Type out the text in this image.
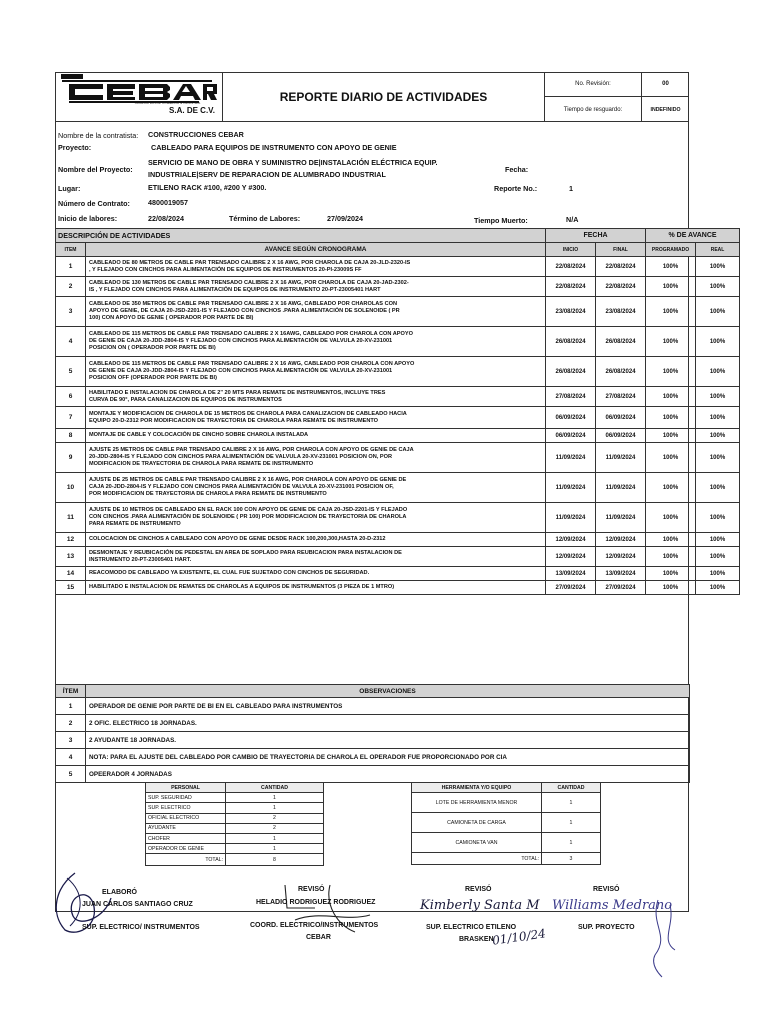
SUMINISTROS AL COMERCIO & INDUSTRIA
S.A. DE C.V.
REPORTE DIARIO DE ACTIVIDADES
No. Revisión:	00
Tiempo de resguardo:	INDEFINIDO
Nombre de la contratista: CONSTRUCCIONES CEBAR
Proyecto:	CABLEADO PARA EQUIPOS DE INSTRUMENTO CON APOYO DE GENIE
Nombre del Proyecto:
SERVICIO DE MANO DE OBRA Y SUMINISTRO DE|INSTALACIÓN ELÉCTRICA EQUIP.
INDUSTRIALE|SERV DE REPARACION DE ALUMBRADO INDUSTRIAL
Fecha:
Lugar:	ETILENO RACK #100, #200 Y #300.	Reporte No.:	1
Número de Contrato:	4800019057
Inicio de labores:	22/08/2024	Término de Labores:	27/09/2024	Tiempo Muerto:	N/A
DESCRIPCIÓN DE ACTIVIDADES		FECHA		% DE AVANCE	
ITEM	AVANCE SEGÚN CRONOGRAMA	INICIO	FINAL	PROGRAMADO	REAL
1	CABLEADO DE 80 METROS DE CABLE PAR TRENSADO CALIBRE 2 X 16 AWG, POR CHAROLA DE CAJA 20-JLD-2320-IS
, Y FLEJADO CON CINCHOS PARA ALIMENTACIÓN DE EQUIPOS DE INSTRUMENTOS 20-PI-23009S FF	22/08/2024	22/08/2024	100%	100%
2	CABLEADO DE 130 METROS DE CABLE PAR TRENSADO CALIBRE 2 X 16 AWG, POR CHAROLA DE CAJA 20-JAD-2302-
IS , Y FLEJADO CON CINCHOS PARA ALIMENTACIÓN DE EQUIPOS DE INSTRUMENTO 20-PT-23005401 HART	22/08/2024	22/08/2024	100%	100%
3	CABLEADO DE 350 METROS DE CABLE PAR TRENSADO CALIBRE 2 X 16 AWG, CABLEADO POR CHAROLAS CON
APOYO DE GENIE, DE CAJA 20-JSD-2201-IS Y FLEJADO CON CINCHOS .PARA ALIMENTACIÓN DE SOLENOIDE ( PR
100) CON APOYO DE GENIE ( OPERADOR POR PARTE DE BI)	23/08/2024	23/08/2024	100%	100%
4	CABLEADO DE 115 METROS DE CABLE PAR TRENSADO CALIBRE 2 X 16AWG, CABLEADO POR CHAROLA CON APOYO
DE GENIE DE CAJA 20-JDD-2804-IS Y FLEJADO CON CINCHOS PARA ALIMENTACIÓN DE VALVULA 20-XV-231001
POSICION ON ( OPERADOR POR PARTE DE BI)	26/08/2024	26/08/2024	100%	100%
5	CABLEADO DE 115 METROS DE CABLE PAR TRENSADO CALIBRE 2 X 16 AWG, CABLEADO POR CHAROLA CON APOYO
DE GENIE DE CAJA 20-JDD-2804-IS Y FLEJADO CON CINCHOS PARA ALIMENTACIÓN DE VALVULA 20-XV-231001
POSICION OFF (OPERADOR POR PARTE DE BI)	26/08/2024	26/08/2024	100%	100%
6	HABILITADO E INSTALACION DE CHAROLA DE 2" 20 MTS PARA REMATE DE INSTRUMENTOS, INCLUYE TRES
CURVA DE 90°, PARA CANALIZACION DE EQUIPOS DE INSTRUMENTOS	27/08/2024	27/08/2024	100%	100%
7	MONTAJE Y MODIFICACION DE CHAROLA DE 15 METROS DE CHAROLA PARA CANALIZACION DE CABLEADO HACIA
EQUIPO 20-D-2312 POR MODIFICACION DE TRAYECTORIA DE CHAROLA PARA REMATE DE INSTRUMENTO	06/09/2024	06/09/2024	100%	100%
8	MONTAJE DE CABLE Y COLOCACIÓN DE CINCHO SOBRE CHAROLA INSTALADA	06/09/2024	06/09/2024	100%	100%
9	AJUSTE 25 METROS DE CABLE PAR TRENSADO CALIBRE 2 X 16 AWG, POR CHAROLA CON APOYO DE GENIE DE CAJA
20-JDD-2804-IS Y FLEJADO CON CINCHOS PARA ALIMENTACIÓN DE VALVULA 20-XV-231001 POSICION ON, POR
MODIFICACION DE TRAYECTORIA DE CHAROLA PARA REMATE DE INSTRUMENTO	11/09/2024	11/09/2024	100%	100%
10	AJUSTE DE 25 METROS DE CABLE PAR TRENSADO CALIBRE 2 X 16 AWG, POR CHAROLA CON APOYO DE GENIE DE
CAJA 20-JDD-2804-IS Y FLEJADO CON CINCHOS PARA ALIMENTACIÓN DE VALVULA 20-XV-231001 POSICION OF,
POR MODIFICACION DE TRAYECTORIA DE CHAROLA PARA REMATE DE INSTRUMENTO	11/09/2024	11/09/2024	100%	100%
11	AJUSTE DE 10 METROS DE CABLEADO EN EL RACK 100 CON APOYO DE GENIE DE CAJA 20-JSD-2201-IS Y FLEJADO
CON CINCHOS .PARA ALIMENTACIÓN DE SOLENOIDE ( PR 100) POR MODIFICACION DE TRAYECTORIA DE CHAROLA
PARA REMATE DE INSTRUMENTO	11/09/2024	11/09/2024	100%	100%
12	COLOCACION DE CINCHOS A CABLEADO CON APOYO DE GENIE DESDE RACK 100,200,300,HASTA 20-D-2312	12/09/2024	12/09/2024	100%	100%
13	DESMONTAJE Y REUBICACIÓN DE PEDESTAL EN AREA DE SOPLADO PARA REUBICACION PARA INSTALACION DE
INSTRUMENTO 20-PT-23005401 HART.	12/09/2024	12/09/2024	100%	100%
14	REACOMODO DE CABLEADO YA EXISTENTE, EL CUAL FUE SUJETADO CON CINCHOS DE SEGURIDAD.	13/09/2024	13/09/2024	100%	100%
15	HABILITADO E INSTALACION DE REMATES DE CHAROLAS A EQUIPOS DE INSTRUMENTOS (3 PIEZA DE 1 MTRO)	27/09/2024	27/09/2024	100%	100%
ÍTEM	OBSERVACIONES
1	OPERADOR DE GENIE POR PARTE DE BI EN EL CABLEADO PARA INSTRUMENTOS
2	2 OFIC. ELECTRICO 18 JORNADAS.
3	2 AYUDANTE 18 JORNADAS.
4	NOTA: PARA EL AJUSTE DEL CABLEADO POR CAMBIO DE TRAYECTORIA DE CHAROLA EL OPERADOR FUE PROPORCIONADO POR CIA
5	OPEERADOR 4 JORNADAS
PERSONAL	CANTIDAD
SUP. SEGURIDAD	1
SUP. ELECTRICO	1
OFICIAL ELECTRICO	2
AYUDANTE	2
CHOFER	1
OPERADOR DE GENIE	1
TOTAL:	8
HERRAMIENTA Y/O EQUIPO	CANTIDAD
LOTE DE HERRAMIENTA MENOR	1
CAMIONETA DE CARGA	1
CAMIONETA VAN	1
TOTAL:	3
ELABORÓ
JUAN CARLOS SANTIAGO CRUZ
SUP. ELECTRICO/ INSTRUMENTOS
REVISÓ
HELADIO RODRIGUEZ RODRIGUEZ
COORD. ELECTRICO/INSTRUMENTOS
CEBAR
REVISÓ
Kimberly Santa M
SUP. ELECTRICO ETILENO
BRASKEN
01/10/24
REVISÓ
Williams Medrano
SUP. PROYECTO
